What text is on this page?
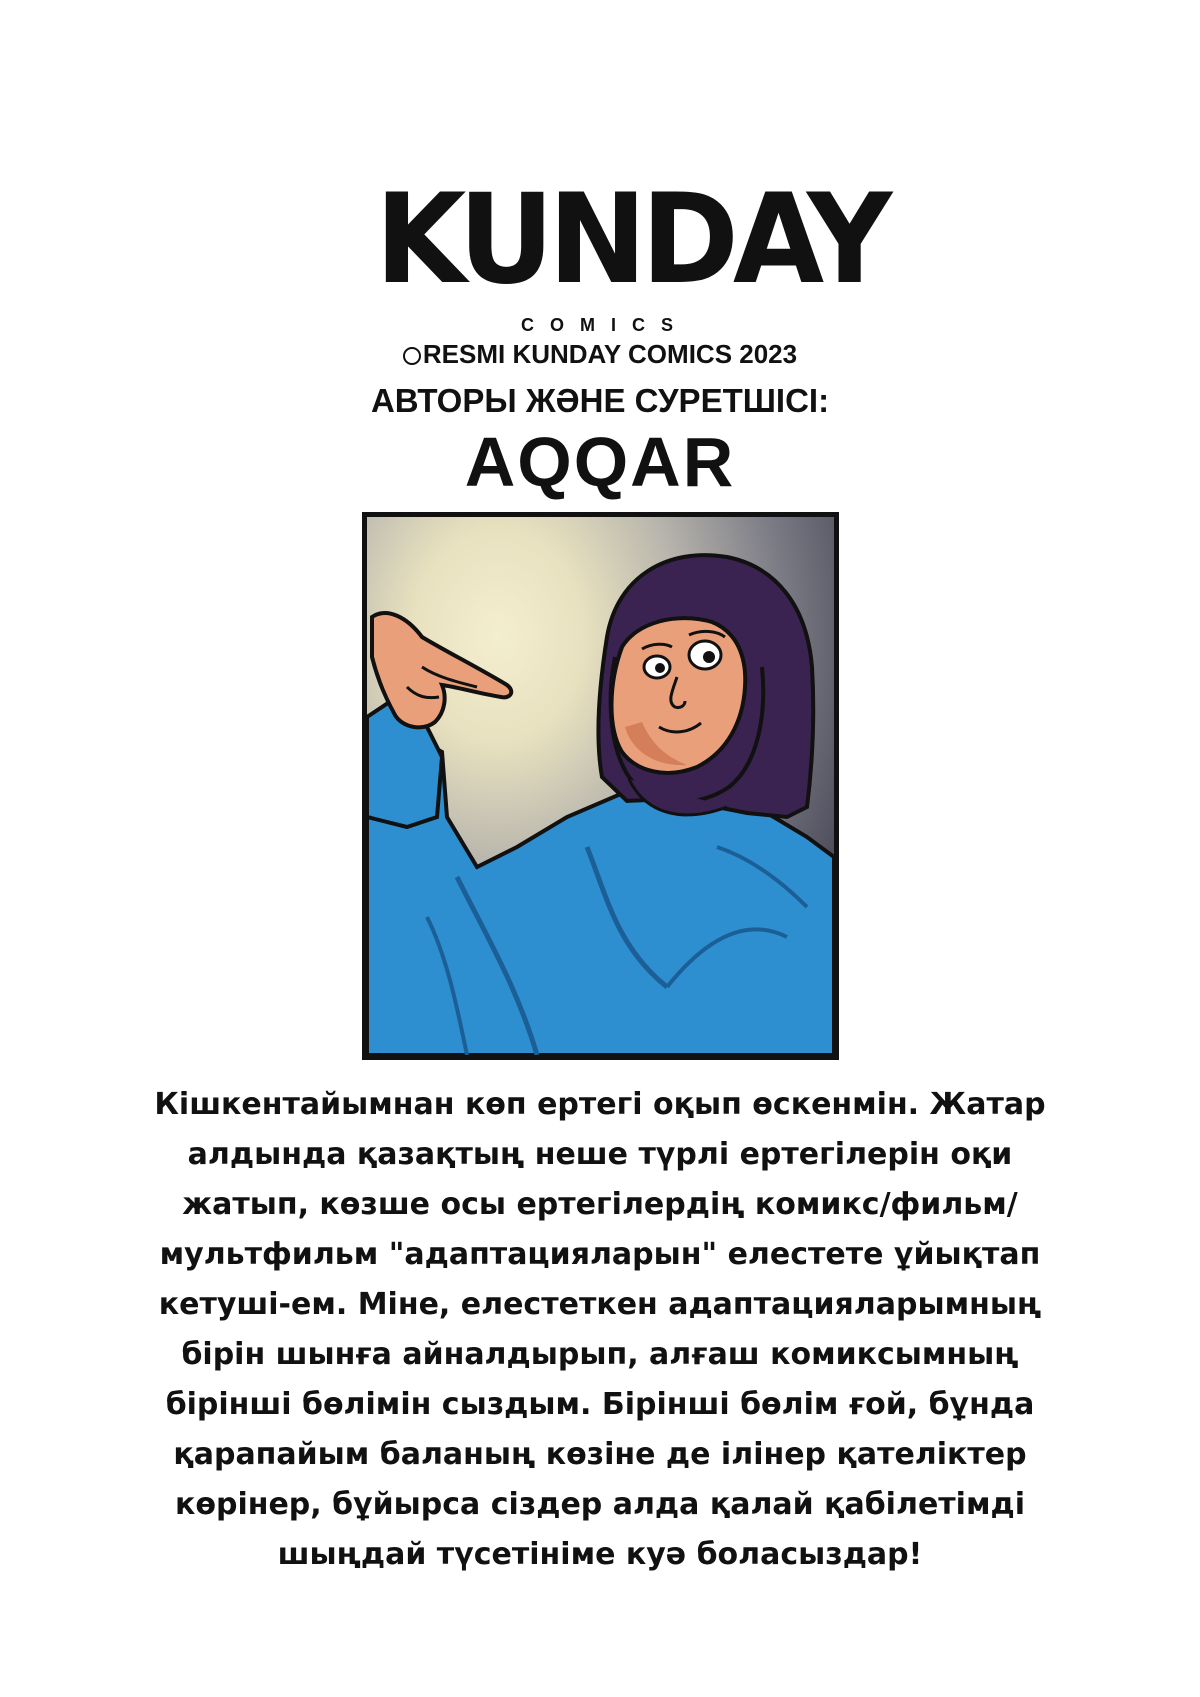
KUNDAY
COMICS
RESMI KUNDAY COMICS 2023
АВТОРЫ ЖӘНЕ СУРЕТШІСІ:
AQQAR
Кішкентайымнан көп ертегі оқып өскенмін. Жатар
алдында қазақтың неше түрлі ертегілерін оқи
жатып, көзше осы ертегілердің комикс/фильм/
мультфильм "адаптацияларын" елестете ұйықтап
кетуші-ем. Міне, елестеткен адаптацияларымның
бірін шынға айналдырып, алғаш комиксымның
бірінші бөлімін сыздым. Бірінші бөлім ғой, бұнда
қарапайым баланың көзіне де ілінер қателіктер
көрінер, бұйырса сіздер алда қалай қабілетімді
шыңдай түсетініме куә боласыздар!
